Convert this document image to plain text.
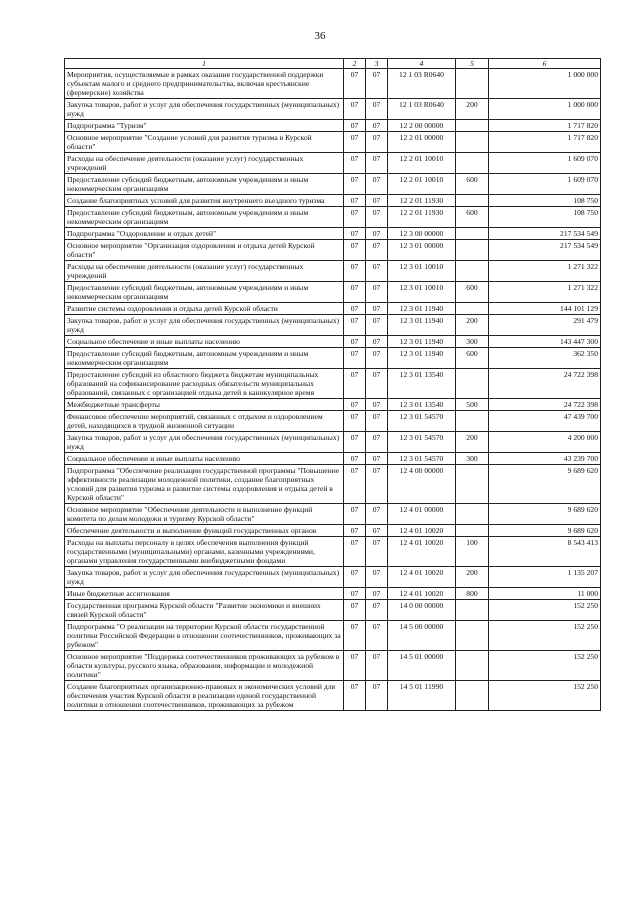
36
1	2	3	4	5	6
Мероприятия, осуществляемые в рамках оказания государственной поддержки субъектам малого и среднего предпринимательства, включая крестьянские (фермерские) хозяйства	07	07	12 1 03 R0640		1 000 000
Закупка товаров, работ и услуг для обеспечения государственных (муниципальных) нужд	07	07	12 1 03 R0640	200	1 000 000
Подпрограмма "Туризм"	07	07	12 2 00 00000		1 717 820
Основное мероприятие "Создание условий для развития туризма в Курской области"	07	07	12 2 01 00000		1 717 820
Расходы на обеспечение деятельности (оказание услуг) государственных учреждений	07	07	12 2 01 10010		1 609 070
Предоставление субсидий бюджетным, автономным учреждениям и иным некоммерческим организациям	07	07	12 2 01 10010	600	1 609 070
Создание благоприятных условий для развития внутреннего въездного туризма	07	07	12 2 01 11930		108 750
Предоставление субсидий бюджетным, автономным учреждениям и иным некоммерческим организациям	07	07	12 2 01 11930	600	108 750
Подпрограмма "Оздоровление и отдых детей"	07	07	12 3 00 00000		217 534 549
Основное мероприятие "Организация оздоровления и отдыха детей Курской области"	07	07	12 3 01 00000		217 534 549
Расходы на обеспечение деятельности (оказание услуг) государственных учреждений	07	07	12 3 01 10010		1 271 322
Предоставление субсидий бюджетным, автономным учреждениям и иным некоммерческим организациям	07	07	12 3 01 10010	600	1 271 322
Развитие системы оздоровления и отдыха детей Курской области	07	07	12 3 01 11940		144 101 129
Закупка товаров, работ и услуг для обеспечения государственных (муниципальных) нужд	07	07	12 3 01 11940	200	291 479
Социальное обеспечение и иные выплаты населению	07	07	12 3 01 11940	300	143 447 300
Предоставление субсидий бюджетным, автономным учреждениям и иным некоммерческим организациям	07	07	12 3 01 11940	600	362 350
Предоставление субсидий из областного бюджета бюджетам муниципальных образований на софинансирование расходных обязательств муниципальных образований, связанных с организацией отдыха детей в каникулярное время	07	07	12 3 01 13540		24 722 398
Межбюджетные трансферты	07	07	12 3 01 13540	500	24 722 398
Финансовое обеспечение мероприятий, связанных с отдыхом и оздоровлением детей, находящихся в трудной жизненной ситуации	07	07	12 3 01 54570		47 439 700
Закупка товаров, работ и услуг для обеспечения государственных (муниципальных) нужд	07	07	12 3 01 54570	200	4 200 000
Социальное обеспечение и иные выплаты населению	07	07	12 3 01 54570	300	43 239 700
Подпрограмма "Обеспечение реализации государственной программы "Повышение эффективности реализации молодежной политики, создание благоприятных условий для развития туризма и развитие системы оздоровления и отдыха детей в Курской области"	07	07	12 4 00 00000		9 689 620
Основное мероприятие "Обеспечение деятельности и выполнение функций комитета по делам молодежи и туризму Курской области"	07	07	12 4 01 00000		9 689 620
Обеспечение деятельности и выполнение функций государственных органов	07	07	12 4 01 10020		9 689 620
Расходы на выплаты персоналу в целях обеспечения выполнения функций государственными (муниципальными) органами, казенными учреждениями, органами управления государственными внебюджетными фондами	07	07	12 4 01 10020	100	8 543 413
Закупка товаров, работ и услуг для обеспечения государственных (муниципальных) нужд	07	07	12 4 01 10020	200	1 135 207
Иные бюджетные ассигнования	07	07	12 4 01 10020	800	11 000
Государственная программа Курской области "Развитие экономики и внешних связей Курской области"	07	07	14 0 00 00000		152 250
Подпрограмма "О реализации на территории Курской области государственной политики Российской Федерации в отношении соотечественников, проживающих за рубежом"	07	07	14 5 00 00000		152 250
Основное мероприятие "Поддержка соотечественников проживающих за рубежом в области культуры, русского языка, образования, информации и молодежной политики"	07	07	14 5 01 00000		152 250
Создание благоприятных организационно-правовых и экономических условий для обеспечения участия Курской области в реализации единой государственной политики в отношении соотечественников, проживающих за рубежом	07	07	14 5 01 11990		152 250
